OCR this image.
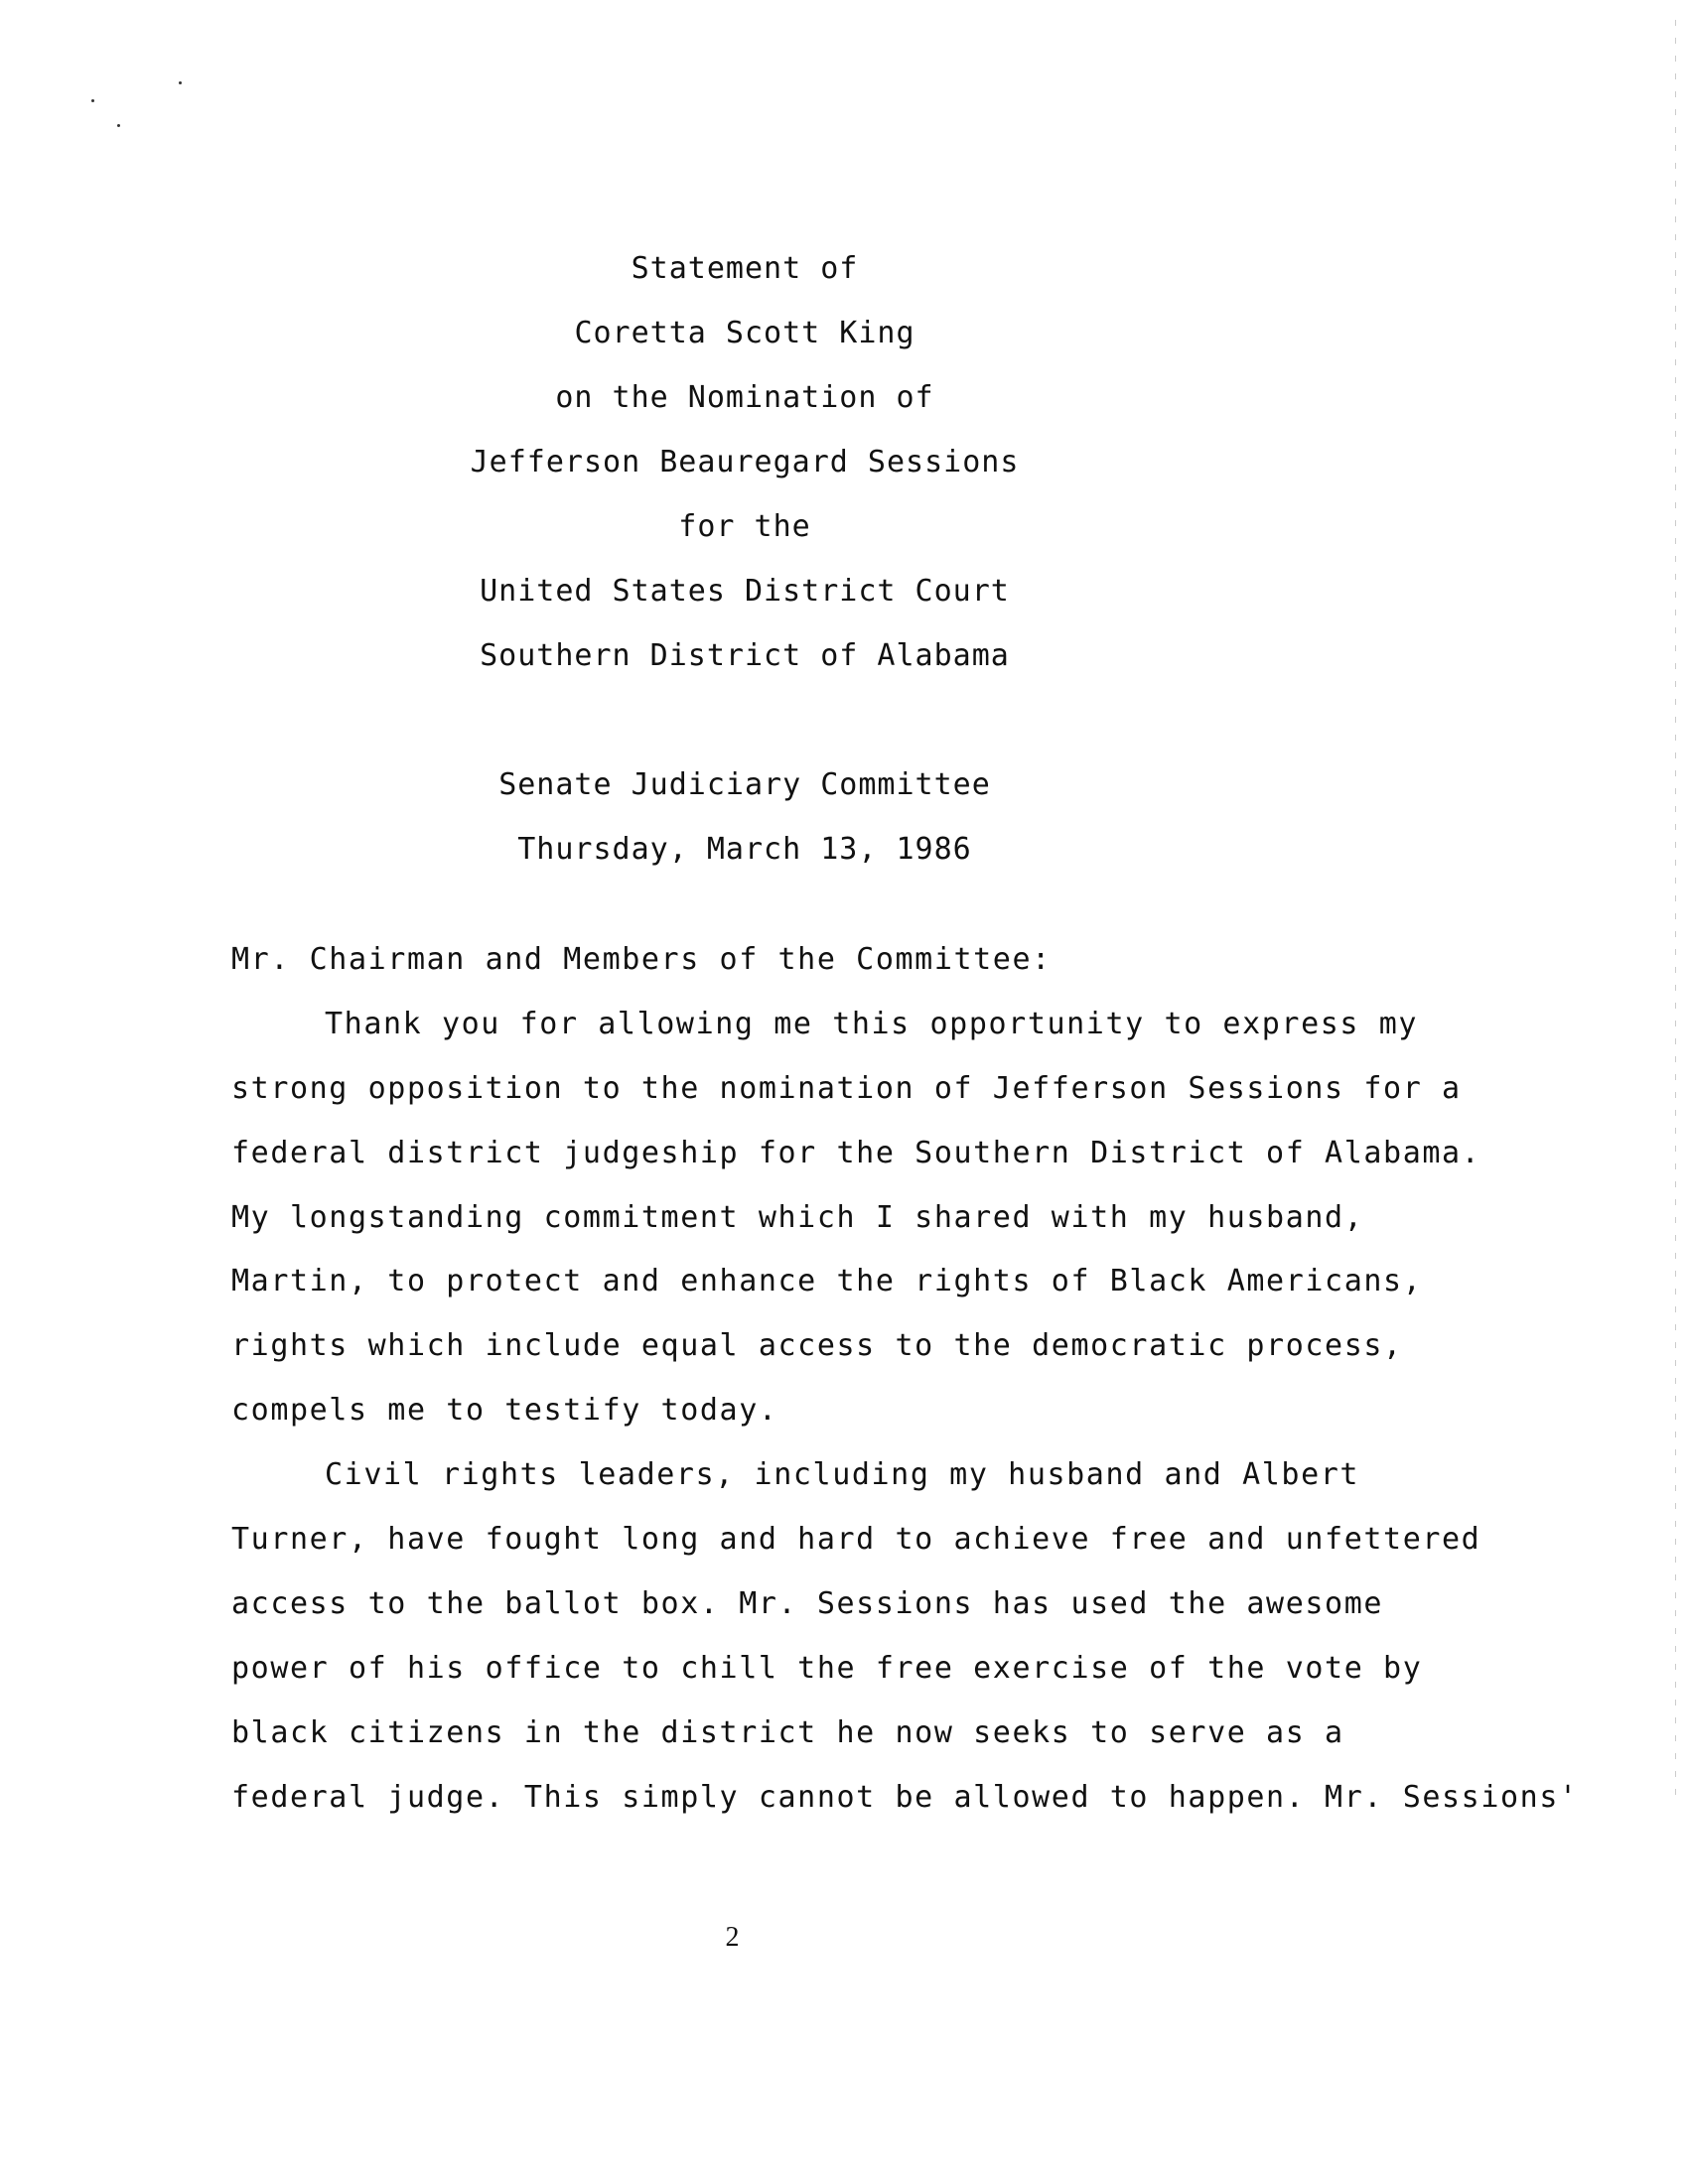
Statement of
Coretta Scott King
on the Nomination of
Jefferson Beauregard Sessions
for the
United States District Court
Southern District of Alabama
Senate Judiciary Committee
Thursday, March 13, 1986
Mr. Chairman and Members of the Committee:
Thank you for allowing me this opportunity to express my
strong opposition to the nomination of Jefferson Sessions for a
federal district judgeship for the Southern District of Alabama.
My longstanding commitment which I shared with my husband,
Martin, to protect and enhance the rights of Black Americans,
rights which include equal access to the democratic process,
compels me to testify today.
Civil rights leaders, including my husband and Albert
Turner, have fought long and hard to achieve free and unfettered
access to the ballot box. Mr. Sessions has used the awesome
power of his office to chill the free exercise of the vote by
black citizens in the district he now seeks to serve as a
federal judge. This simply cannot be allowed to happen. Mr. Sessions'
2
